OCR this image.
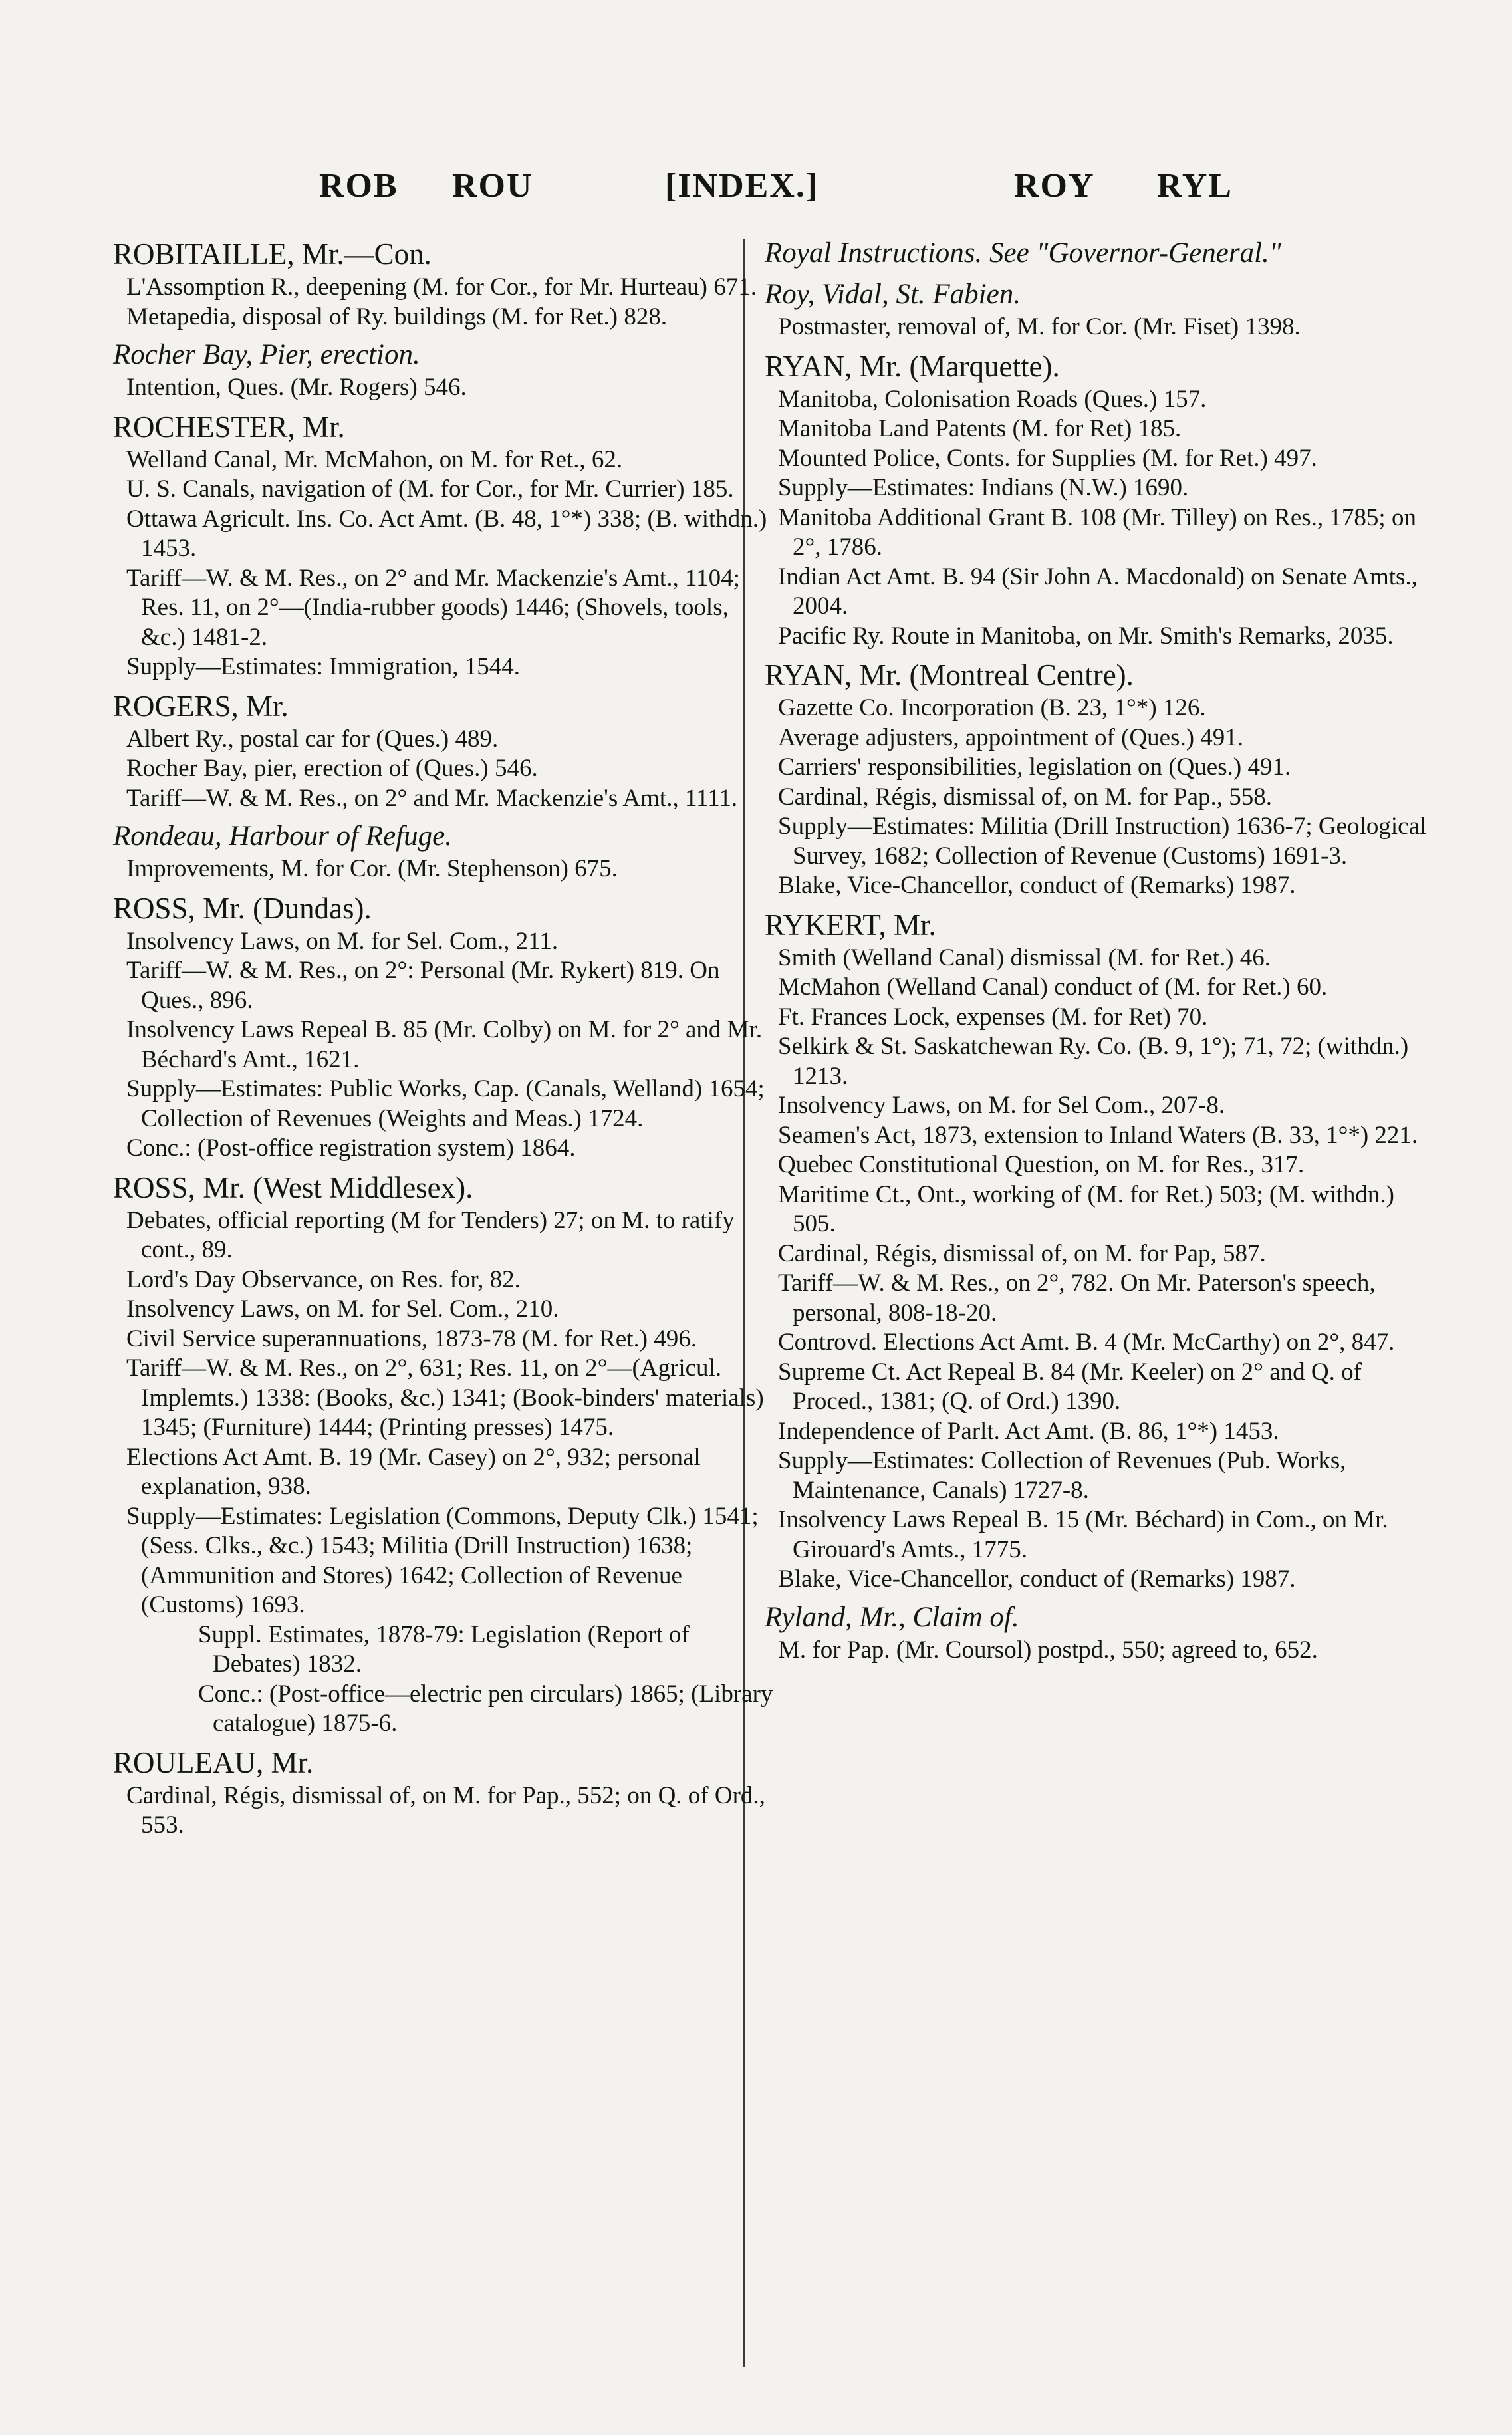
ROB ROU	[INDEX.]	ROY RYL
ROBITAILLE, Mr.—Con.
L'Assomption R., deepening (M. for Cor., for Mr. Hurteau) 671.
Metapedia, disposal of Ry. buildings (M. for Ret.) 828.
Rocher Bay, Pier, erection.
Intention, Ques. (Mr. Rogers) 546.
ROCHESTER, Mr.
Welland Canal, Mr. McMahon, on M. for Ret., 62.
U. S. Canals, navigation of (M. for Cor., for Mr. Currier) 185.
Ottawa Agricult. Ins. Co. Act Amt. (B. 48, 1°*) 338; (B. withdn.) 1453.
Tariff—W. & M. Res., on 2° and Mr. Mackenzie's Amt., 1104; Res. 11, on 2°—(India-rubber goods) 1446; (Shovels, tools, &c.) 1481-2.
Supply—Estimates: Immigration, 1544.
ROGERS, Mr.
Albert Ry., postal car for (Ques.) 489.
Rocher Bay, pier, erection of (Ques.) 546.
Tariff—W. & M. Res., on 2° and Mr. Mackenzie's Amt., 1111.
Rondeau, Harbour of Refuge.
Improvements, M. for Cor. (Mr. Stephenson) 675.
ROSS, Mr. (Dundas).
Insolvency Laws, on M. for Sel. Com., 211.
Tariff—W. & M. Res., on 2°: Personal (Mr. Rykert) 819. On Ques., 896.
Insolvency Laws Repeal B. 85 (Mr. Colby) on M. for 2° and Mr. Béchard's Amt., 1621.
Supply—Estimates: Public Works, Cap. (Canals, Welland) 1654; Collection of Revenues (Weights and Meas.) 1724.
Conc.: (Post-office registration system) 1864.
ROSS, Mr. (West Middlesex).
Debates, official reporting (M for Tenders) 27; on M. to ratify cont., 89.
Lord's Day Observance, on Res. for, 82.
Insolvency Laws, on M. for Sel. Com., 210.
Civil Service superannuations, 1873-78 (M. for Ret.) 496.
Tariff—W. & M. Res., on 2°, 631; Res. 11, on 2°—(Agricul. Implemts.) 1338: (Books, &c.) 1341; (Book-binders' materials) 1345; (Furniture) 1444; (Printing presses) 1475.
Elections Act Amt. B. 19 (Mr. Casey) on 2°, 932; personal explanation, 938.
Supply—Estimates: Legislation (Commons, Deputy Clk.) 1541; (Sess. Clks., &c.) 1543; Militia (Drill Instruction) 1638; (Ammunition and Stores) 1642; Collection of Revenue (Customs) 1693.
Suppl. Estimates, 1878-79: Legislation (Report of Debates) 1832.
Conc.: (Post-office—electric pen circulars) 1865; (Library catalogue) 1875-6.
ROULEAU, Mr.
Cardinal, Régis, dismissal of, on M. for Pap., 552; on Q. of Ord., 553.
Royal Instructions. See "Governor-General."
Roy, Vidal, St. Fabien.
Postmaster, removal of, M. for Cor. (Mr. Fiset) 1398.
RYAN, Mr. (Marquette).
Manitoba, Colonisation Roads (Ques.) 157.
Manitoba Land Patents (M. for Ret) 185.
Mounted Police, Conts. for Supplies (M. for Ret.) 497.
Supply—Estimates: Indians (N.W.) 1690.
Manitoba Additional Grant B. 108 (Mr. Tilley) on Res., 1785; on 2°, 1786.
Indian Act Amt. B. 94 (Sir John A. Macdonald) on Senate Amts., 2004.
Pacific Ry. Route in Manitoba, on Mr. Smith's Remarks, 2035.
RYAN, Mr. (Montreal Centre).
Gazette Co. Incorporation (B. 23, 1°*) 126.
Average adjusters, appointment of (Ques.) 491.
Carriers' responsibilities, legislation on (Ques.) 491.
Cardinal, Régis, dismissal of, on M. for Pap., 558.
Supply—Estimates: Militia (Drill Instruction) 1636-7; Geological Survey, 1682; Collection of Revenue (Customs) 1691-3.
Blake, Vice-Chancellor, conduct of (Remarks) 1987.
RYKERT, Mr.
Smith (Welland Canal) dismissal (M. for Ret.) 46.
McMahon (Welland Canal) conduct of (M. for Ret.) 60.
Ft. Frances Lock, expenses (M. for Ret) 70.
Selkirk & St. Saskatchewan Ry. Co. (B. 9, 1°); 71, 72; (withdn.) 1213.
Insolvency Laws, on M. for Sel Com., 207-8.
Seamen's Act, 1873, extension to Inland Waters (B. 33, 1°*) 221.
Quebec Constitutional Question, on M. for Res., 317.
Maritime Ct., Ont., working of (M. for Ret.) 503; (M. withdn.) 505.
Cardinal, Régis, dismissal of, on M. for Pap, 587.
Tariff—W. & M. Res., on 2°, 782. On Mr. Paterson's speech, personal, 808-18-20.
Controvd. Elections Act Amt. B. 4 (Mr. McCarthy) on 2°, 847.
Supreme Ct. Act Repeal B. 84 (Mr. Keeler) on 2° and Q. of Proced., 1381; (Q. of Ord.) 1390.
Independence of Parlt. Act Amt. (B. 86, 1°*) 1453.
Supply—Estimates: Collection of Revenues (Pub. Works, Maintenance, Canals) 1727-8.
Insolvency Laws Repeal B. 15 (Mr. Béchard) in Com., on Mr. Girouard's Amts., 1775.
Blake, Vice-Chancellor, conduct of (Remarks) 1987.
Ryland, Mr., Claim of.
M. for Pap. (Mr. Coursol) postpd., 550; agreed to, 652.
